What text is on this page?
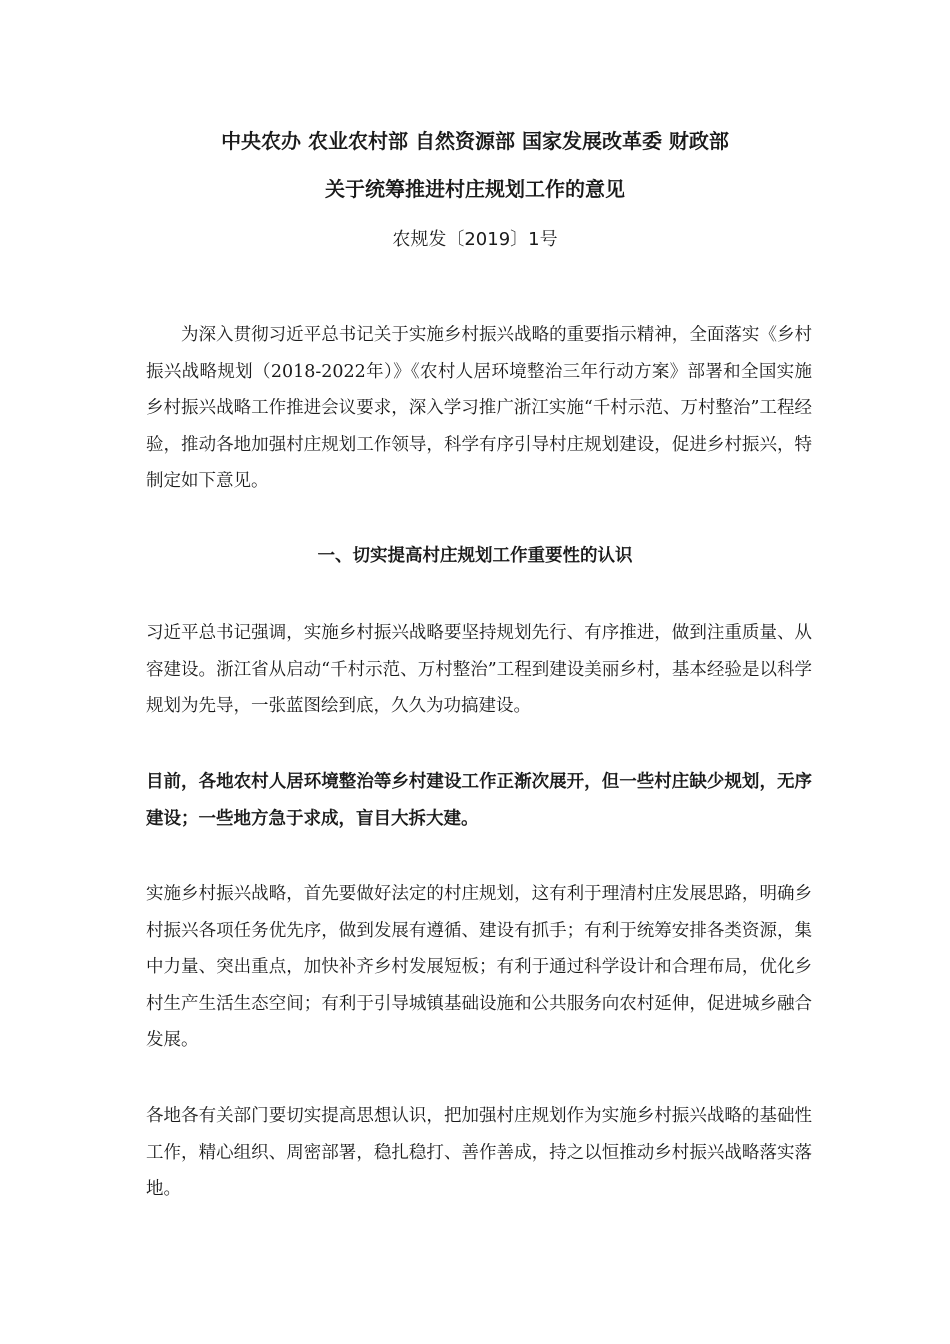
中央农办 农业农村部 自然资源部 国家发展改革委 财政部
关于统筹推进村庄规划工作的意见
农规发〔2019〕1号

为深入贯彻习近平总书记关于实施乡村振兴战略的重要指示精神，全面落实《乡村振兴战略规划（2018-2022年）》《农村人居环境整治三年行动方案》部署和全国实施乡村振兴战略工作推进会议要求，深入学习推广浙江实施“千村示范、万村整治”工程经验，推动各地加强村庄规划工作领导，科学有序引导村庄规划建设，促进乡村振兴，特制定如下意见。

一、切实提高村庄规划工作重要性的认识

习近平总书记强调，实施乡村振兴战略要坚持规划先行、有序推进，做到注重质量、从容建设。浙江省从启动“千村示范、万村整治”工程到建设美丽乡村，基本经验是以科学规划为先导，一张蓝图绘到底，久久为功搞建设。

目前，各地农村人居环境整治等乡村建设工作正渐次展开，但一些村庄缺少规划，无序建设；一些地方急于求成，盲目大拆大建。

实施乡村振兴战略，首先要做好法定的村庄规划，这有利于理清村庄发展思路，明确乡村振兴各项任务优先序，做到发展有遵循、建设有抓手；有利于统筹安排各类资源，集中力量、突出重点，加快补齐乡村发展短板；有利于通过科学设计和合理布局，优化乡村生产生活生态空间；有利于引导城镇基础设施和公共服务向农村延伸，促进城乡融合发展。

各地各有关部门要切实提高思想认识，把加强村庄规划作为实施乡村振兴战略的基础性工作，精心组织、周密部署，稳扎稳打、善作善成，持之以恒推动乡村振兴战略落实落地。
